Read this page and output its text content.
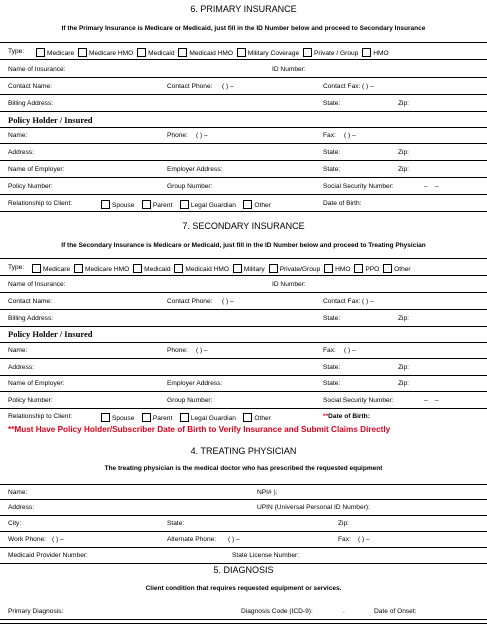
6. PRIMARY INSURANCE
If the Primary Insurance is Medicare or Medicaid, just fill in the ID Number below and proceed to Secondary Insurance
Type:	Medicare Medicare HMO Medicaid Medicaid HMO Military Coverage Private / Group HMO
Name of Insurance:	ID Number:
Contact Name:	Contact Phone: ( ) –	Contact Fax: ( ) –
Billing Address:	State:	Zip:
Policy Holder / Insured
Name:	Phone: ( ) –	Fax: ( ) –
Address:	State:	Zip:
Name of Employer:	Employer Address:	State:	Zip:
Policy Number:	Group Number:	Social Security Number:	–    –
Relationship to Client:	Spouse	Parent	Legal Guardian	Other	Date of Birth:
7. SECONDARY INSURANCE
If the Secondary Insurance is Medicare or Medicaid, just fill in the ID Number below and proceed to Treating Physician
Type:	Medicare Medicare HMO Medicaid Medicaid HMO Military Private/Group HMO PPO Other
Name of Insurance:	ID Number:
Contact Name:	Contact Phone: ( ) –	Contact Fax: ( ) –
Billing Address:	State:	Zip:
Policy Holder / Insured
Name:	Phone: ( ) –	Fax: ( ) –
Address:	State:	Zip:
Name of Employer:	Employer Address:	State:	Zip:
Policy Number:	Group Number:	Social Security Number:	–    –
Relationship to Client:	Spouse	Parent	Legal Guardian	Other	**Date of Birth:
**Must Have Policy Holder/Subscriber Date of Birth to Verify Insurance and Submit Claims Directly
4. TREATING PHYSICIAN
The treating physician is the medical doctor who has prescribed the requested equipment
Name:	NPI# ):
Address:	UPIN (Universal Personal ID Number):
City:	State:	Zip:
Work Phone: ( ) –	Alternate Phone: ( ) –	Fax: ( ) –
Medicaid Provider Number:	State License Number:
5. DIAGNOSIS
Client condition that requires requested equipment or services.
Primary Diagnosis:	Diagnosis Code (ICD-9):	.	Date of Onset:
